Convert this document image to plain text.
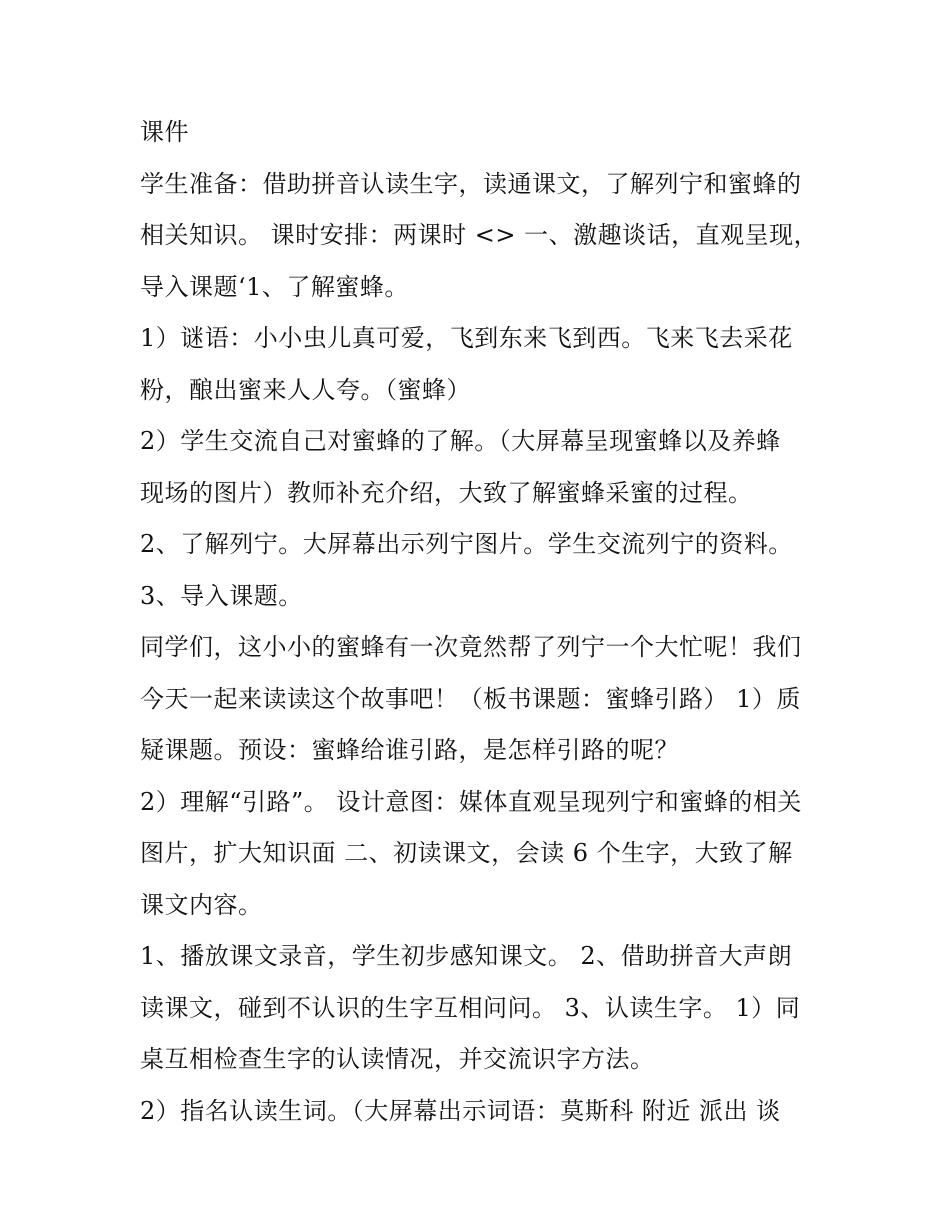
课件
学生准备：借助拼音认读生字，读通课文，了解列宁和蜜蜂的
相关知识。 课时安排：两课时 <> 一、激趣谈话，直观呈现，
导入课题‘1、了解蜜蜂。
1）谜语：小小虫儿真可爱，飞到东来飞到西。飞来飞去采花
粉，酿出蜜来人人夸。（蜜蜂）
2）学生交流自己对蜜蜂的了解。（大屏幕呈现蜜蜂以及养蜂
现场的图片）教师补充介绍，大致了解蜜蜂采蜜的过程。
2、了解列宁。大屏幕出示列宁图片。学生交流列宁的资料。
3、导入课题。
同学们，这小小的蜜蜂有一次竟然帮了列宁一个大忙呢！我们
今天一起来读读这个故事吧！（板书课题：蜜蜂引路） 1）质
疑课题。预设：蜜蜂给谁引路，是怎样引路的呢？
2）理解“引路”。 设计意图：媒体直观呈现列宁和蜜蜂的相关
图片，扩大知识面 二、初读课文，会读 6 个生字，大致了解
课文内容。
1、播放课文录音，学生初步感知课文。 2、借助拼音大声朗
读课文，碰到不认识的生字互相问问。 3、认读生字。 1）同
桌互相检查生字的认读情况，并交流识字方法。
2）指名认读生词。（大屏幕出示词语：莫斯科 附近 派出 谈
